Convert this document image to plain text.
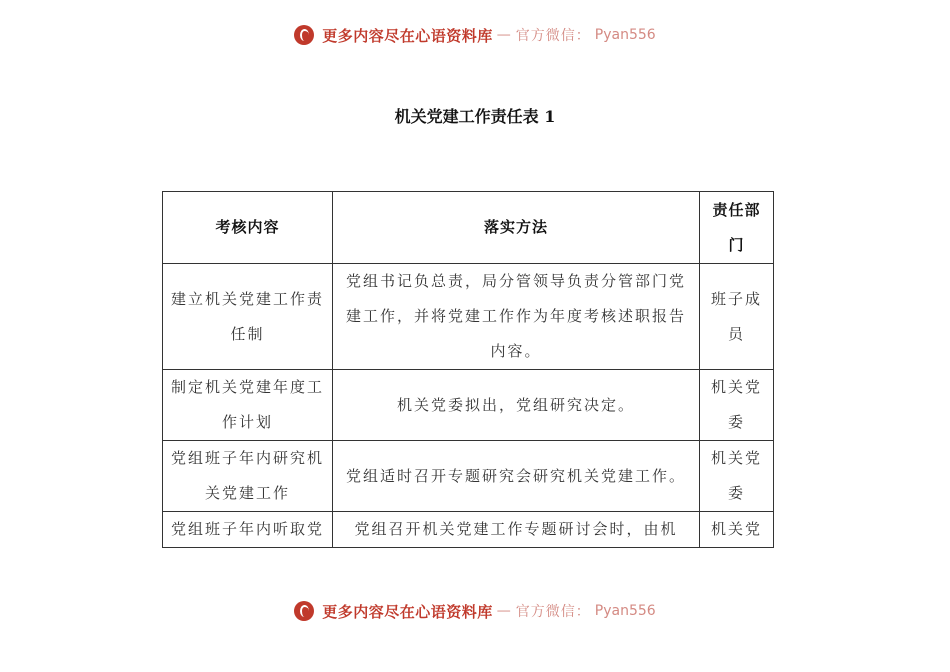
更多内容尽在心语资料库 — 官方微信： Pyan556
机关党建工作责任表 1
考核内容	落实方法	责任部门
建立机关党建工作责任制	党组书记负总责，局分管领导负责分管部门党建工作，并将党建工作作为年度考核述职报告内容。	班子成员
制定机关党建年度工作计划	机关党委拟出，党组研究决定。	机关党委
党组班子年内研究机关党建工作	党组适时召开专题研究会研究机关党建工作。	机关党委
党组班子年内听取党	党组召开机关党建工作专题研讨会时，由机	机关党
更多内容尽在心语资料库 — 官方微信： Pyan556
